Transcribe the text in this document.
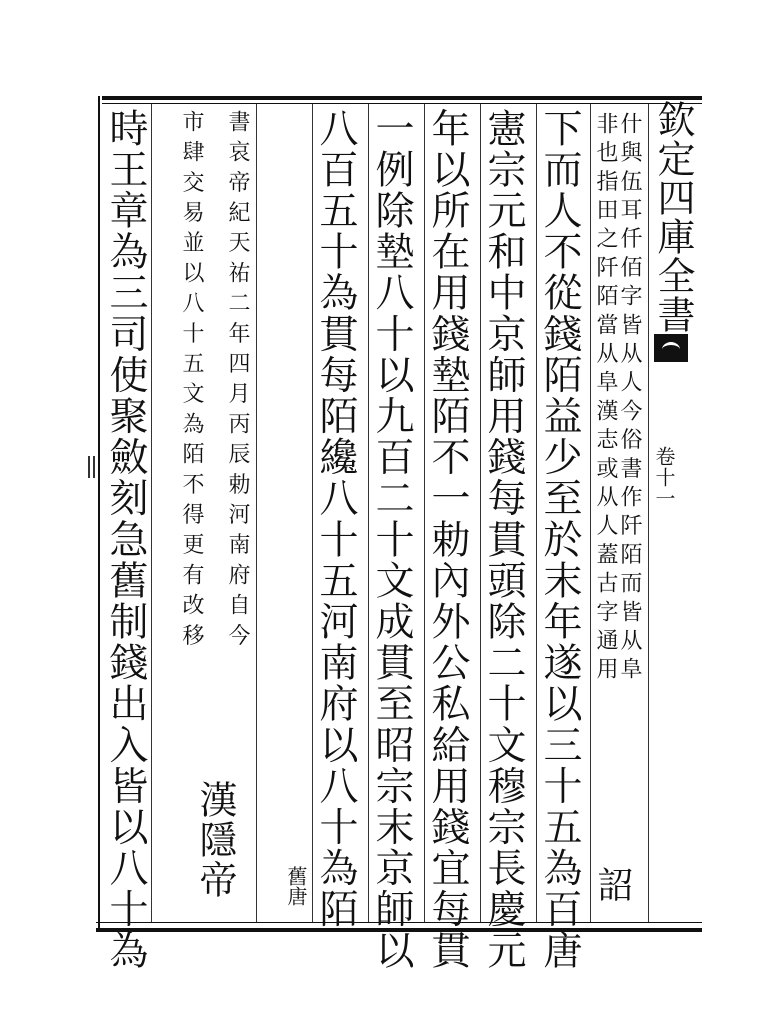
欽定四庫全書
卷十一
什與伍耳仟佰字皆从人今俗書作阡陌而皆从阜
非也指田之阡陌當从阜漢志或从人蓋古字通用
詔
下而人不從錢陌益少至於末年遂以三十五為百唐
憲宗元和中京師用錢每貫頭除二十文穆宗長慶元
年以所在用錢墊陌不一勅內外公私給用錢宜每貫
一例除墊八十以九百二十文成貫至昭宗末京師以
八百五十為貫每陌纔八十五河南府以八十為陌
舊唐
書哀帝紀天祐二年四月丙辰勅河南府自今
市肆交易並以八十五文為陌不得更有改移
漢隱帝
時王章為三司使聚斂刻急舊制錢出入皆以八十為
